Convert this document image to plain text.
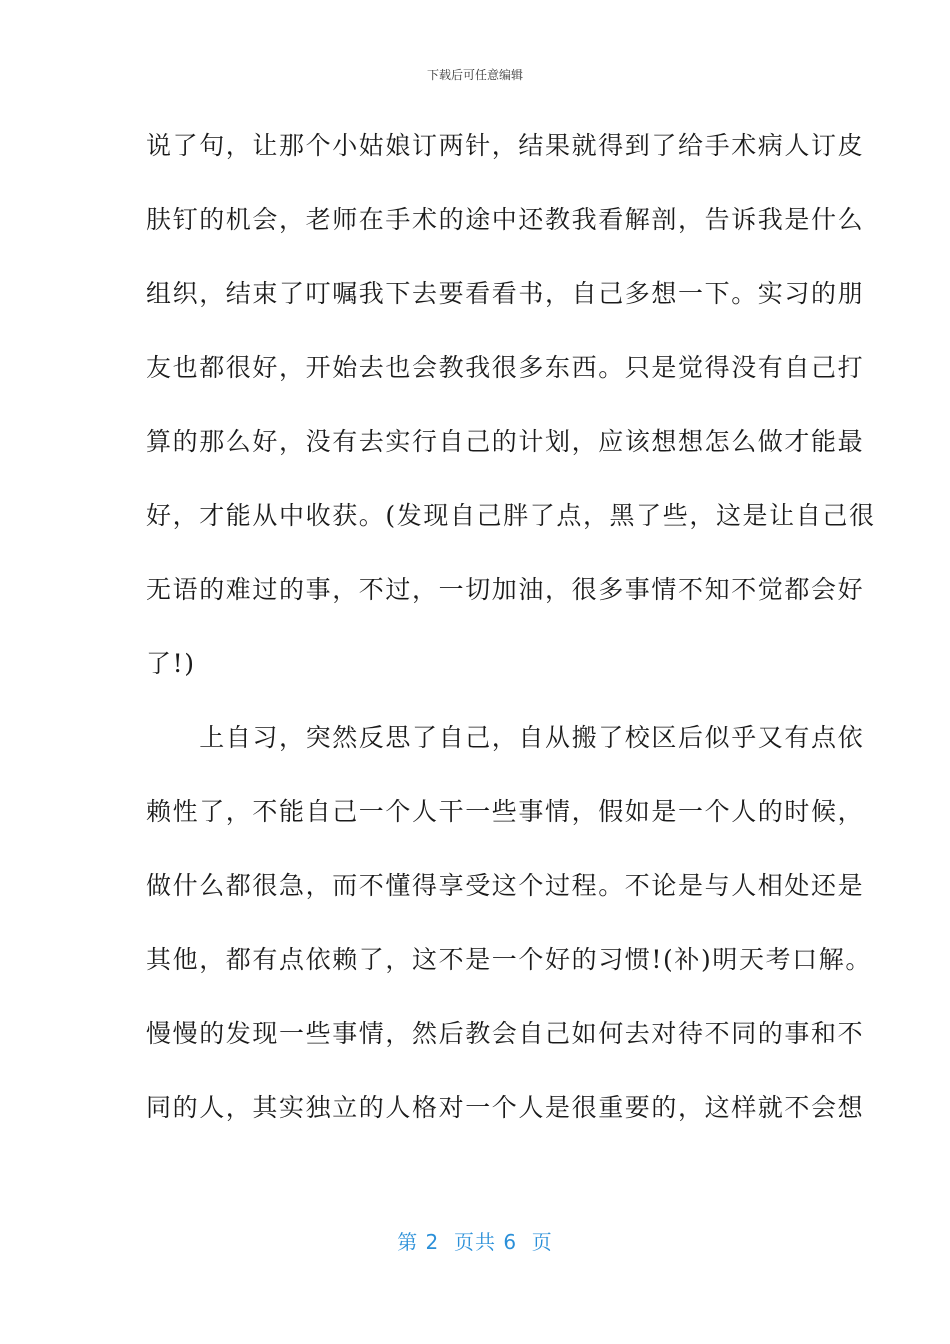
下载后可任意编辑
说了句，让那个小姑娘订两针，结果就得到了给手术病人订皮
肤钉的机会，老师在手术的途中还教我看解剖，告诉我是什么
组织，结束了叮嘱我下去要看看书，自己多想一下。实习的朋
友也都很好，开始去也会教我很多东西。只是觉得没有自己打
算的那么好，没有去实行自己的计划，应该想想怎么做才能最
好，才能从中收获。(发现自己胖了点，黑了些，这是让自己很
无语的难过的事，不过，一切加油，很多事情不知不觉都会好
了!)
　　上自习，突然反思了自己，自从搬了校区后似乎又有点依
赖性了，不能自己一个人干一些事情，假如是一个人的时候，
做什么都很急，而不懂得享受这个过程。不论是与人相处还是
其他，都有点依赖了，这不是一个好的习惯!(补)明天考口解。
慢慢的发现一些事情，然后教会自己如何去对待不同的事和不
同的人，其实独立的人格对一个人是很重要的，这样就不会想
第 2  页共 6  页
